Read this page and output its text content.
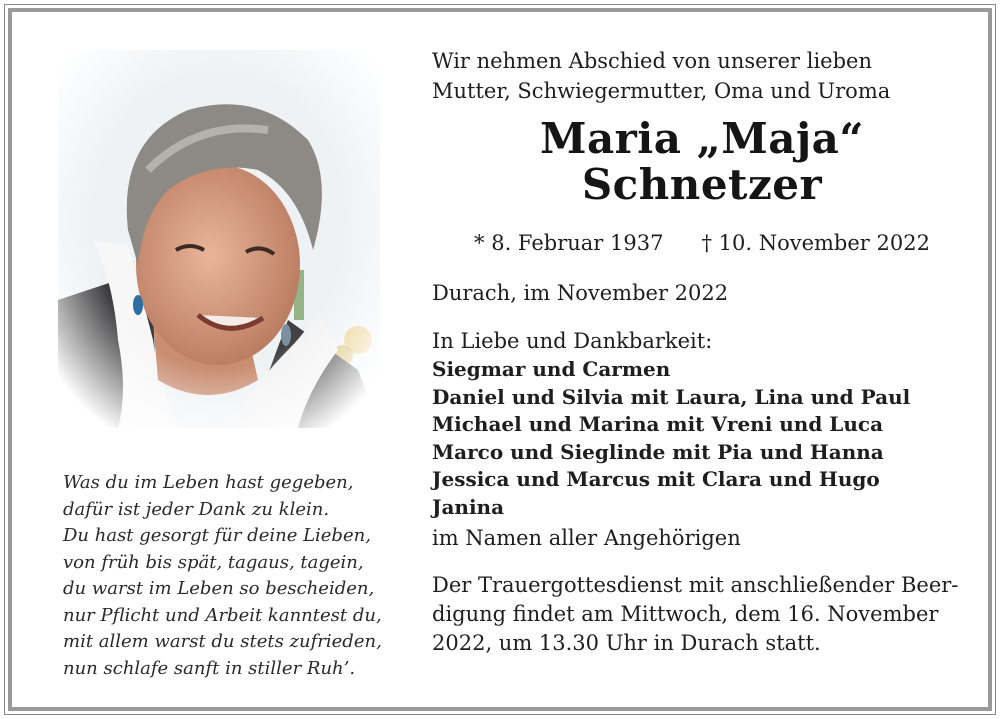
Was du im Leben hast gegeben,
dafür ist jeder Dank zu klein.
Du hast gesorgt für deine Lieben,
von früh bis spät, tagaus, tagein,
du warst im Leben so bescheiden,
nur Pflicht und Arbeit kanntest du,
mit allem warst du stets zufrieden,
nun schlafe sanft in stiller Ruh’.
Wir nehmen Abschied von unserer lieben
Mutter, Schwiegermutter, Oma und Uroma
Maria „Maja“
Schnetzer
* 8. Februar 1937 † 10. November 2022
Durach, im November 2022
In Liebe und Dankbarkeit:
Siegmar und Carmen
Daniel und Silvia mit Laura, Lina und Paul
Michael und Marina mit Vreni und Luca
Marco und Sieglinde mit Pia und Hanna
Jessica und Marcus mit Clara und Hugo
Janina
im Namen aller Angehörigen
Der Trauergottesdienst mit anschließender Beer-
digung findet am Mittwoch, dem 16. November
2022, um 13.30 Uhr in Durach statt.
